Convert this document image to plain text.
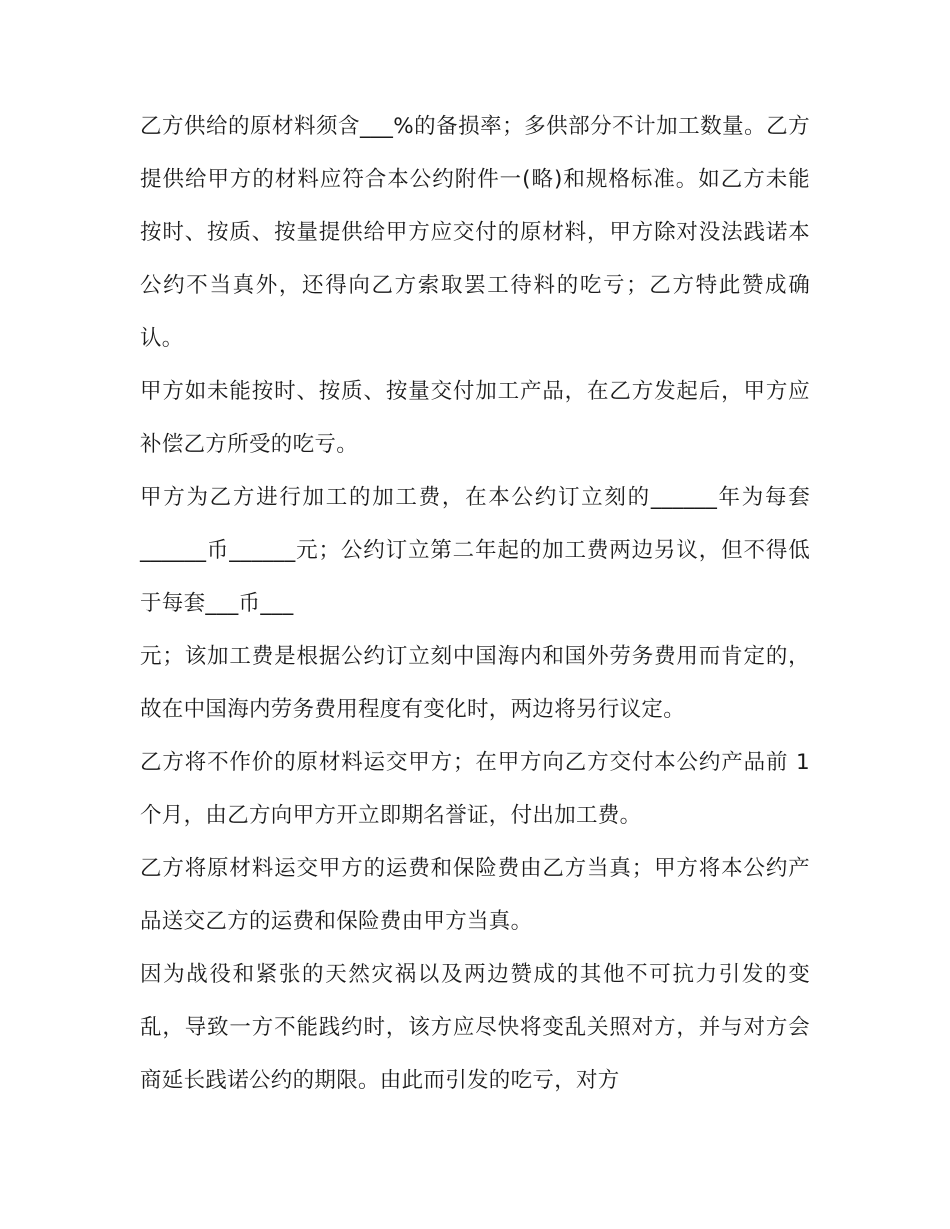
乙方供给的原材料须含___%的备损率；多供部分不计加工数量。乙方提供给甲方的材料应符合本公约附件一(略)和规格标准。如乙方未能按时、按质、按量提供给甲方应交付的原材料，甲方除对没法践诺本公约不当真外，还得向乙方索取罢工待料的吃亏；乙方特此赞成确认。

甲方如未能按时、按质、按量交付加工产品，在乙方发起后，甲方应补偿乙方所受的吃亏。

甲方为乙方进行加工的加工费，在本公约订立刻的______年为每套______币______元；公约订立第二年起的加工费两边另议，但不得低于每套___币___

元；该加工费是根据公约订立刻中国海内和国外劳务费用而肯定的，故在中国海内劳务费用程度有变化时，两边将另行议定。

乙方将不作价的原材料运交甲方；在甲方向乙方交付本公约产品前 1 个月，由乙方向甲方开立即期名誉证，付出加工费。

乙方将原材料运交甲方的运费和保险费由乙方当真；甲方将本公约产品送交乙方的运费和保险费由甲方当真。

因为战役和紧张的天然灾祸以及两边赞成的其他不可抗力引发的变乱，导致一方不能践约时，该方应尽快将变乱关照对方，并与对方会商延长践诺公约的期限。由此而引发的吃亏，对方
